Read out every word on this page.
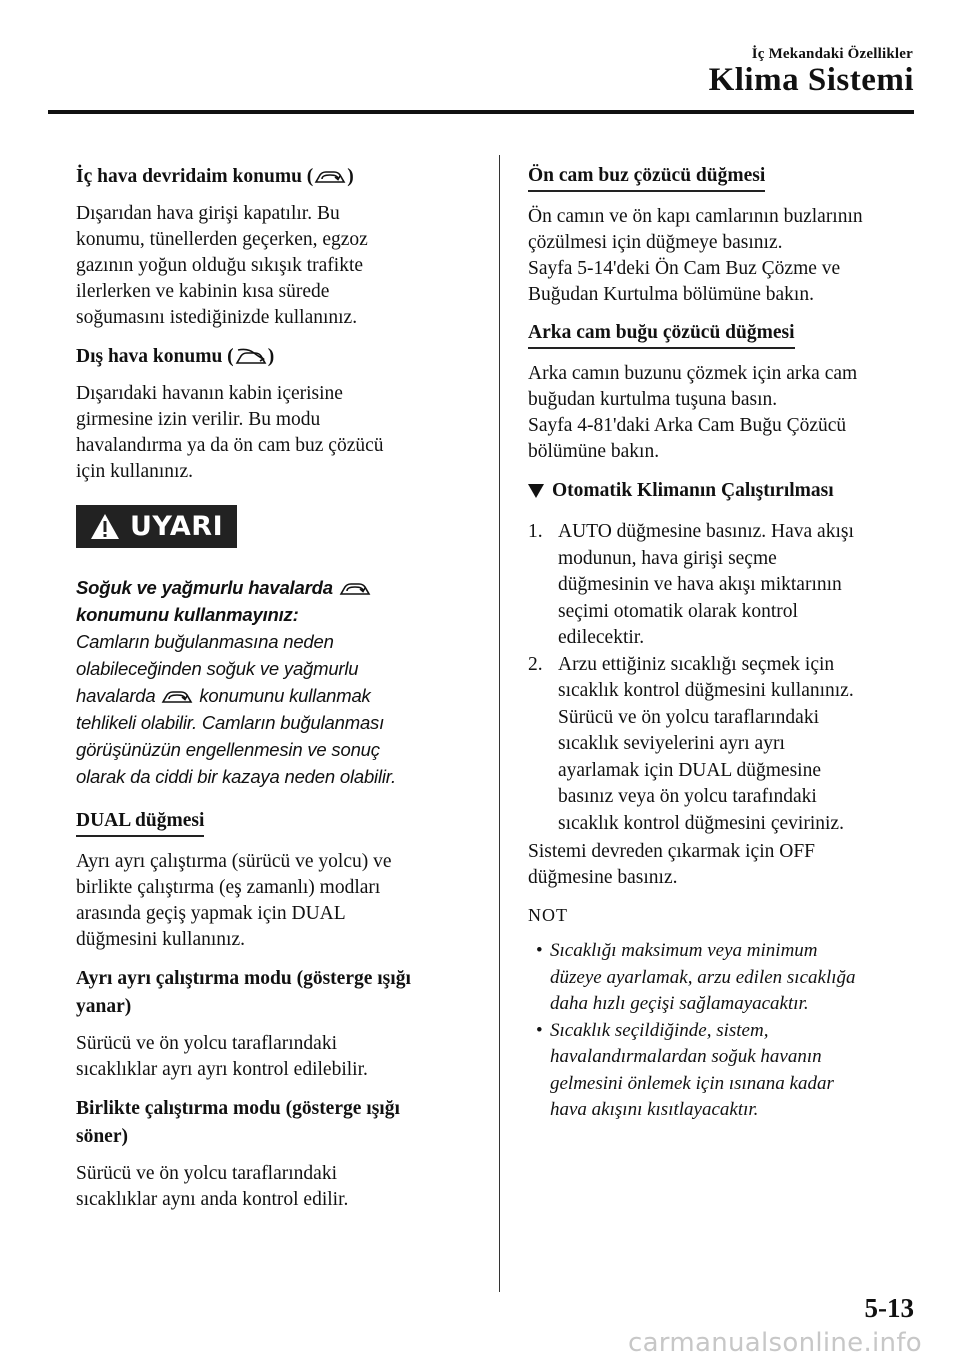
İç Mekandaki Özellikler
Klima Sistemi
İç hava devridaim konumu ( )
Dışarıdan hava girişi kapatılır. Bu
konumu, tünellerden geçerken, egzoz
gazının yoğun olduğu sıkışık trafikte
ilerlerken ve kabinin kısa sürede
soğumasını istediğinizde kullanınız.
Dış hava konumu ( )
Dışarıdaki havanın kabin içerisine
girmesine izin verilir. Bu modu
havalandırma ya da ön cam buz çözücü
için kullanınız.
UYARI
Soğuk ve yağmurlu havalarda
konumunu kullanmayınız:
Camların buğulanmasına neden
olabileceğinden soğuk ve yağmurlu
havalarda konumunu kullanmak
tehlikeli olabilir. Camların buğulanması
görüşünüzün engellenmesin ve sonuç
olarak da ciddi bir kazaya neden olabilir.
DUAL düğmesi
Ayrı ayrı çalıştırma (sürücü ve yolcu) ve
birlikte çalıştırma (eş zamanlı) modları
arasında geçiş yapmak için DUAL
düğmesini kullanınız.
Ayrı ayrı çalıştırma modu (gösterge ışığı
yanar)
Sürücü ve ön yolcu taraflarındaki
sıcaklıklar ayrı ayrı kontrol edilebilir.
Birlikte çalıştırma modu (gösterge ışığı
söner)
Sürücü ve ön yolcu taraflarındaki
sıcaklıklar aynı anda kontrol edilir.
Ön cam buz çözücü düğmesi
Ön camın ve ön kapı camlarının buzlarının
çözülmesi için düğmeye basınız.
Sayfa 5-14'deki Ön Cam Buz Çözme ve
Buğudan Kurtulma bölümüne bakın.
Arka cam buğu çözücü düğmesi
Arka camın buzunu çözmek için arka cam
buğudan kurtulma tuşuna basın.
Sayfa 4-81'daki Arka Cam Buğu Çözücü
bölümüne bakın.
Otomatik Klimanın Çalıştırılması
1. AUTO düğmesine basınız. Hava akışı
modunun, hava girişi seçme
düğmesinin ve hava akışı miktarının
seçimi otomatik olarak kontrol
edilecektir.
2. Arzu ettiğiniz sıcaklığı seçmek için
sıcaklık kontrol düğmesini kullanınız.
Sürücü ve ön yolcu taraflarındaki
sıcaklık seviyelerini ayrı ayrı
ayarlamak için DUAL düğmesine
basınız veya ön yolcu tarafındaki
sıcaklık kontrol düğmesini çeviriniz.
Sistemi devreden çıkarmak için OFF
düğmesine basınız.
NOT
• Sıcaklığı maksimum veya minimum
düzeye ayarlamak, arzu edilen sıcaklığa
daha hızlı geçişi sağlamayacaktır.
• Sıcaklık seçildiğinde, sistem,
havalandırmalardan soğuk havanın
gelmesini önlemek için ısınana kadar
hava akışını kısıtlayacaktır.
5-13
carmanualsonline.info
